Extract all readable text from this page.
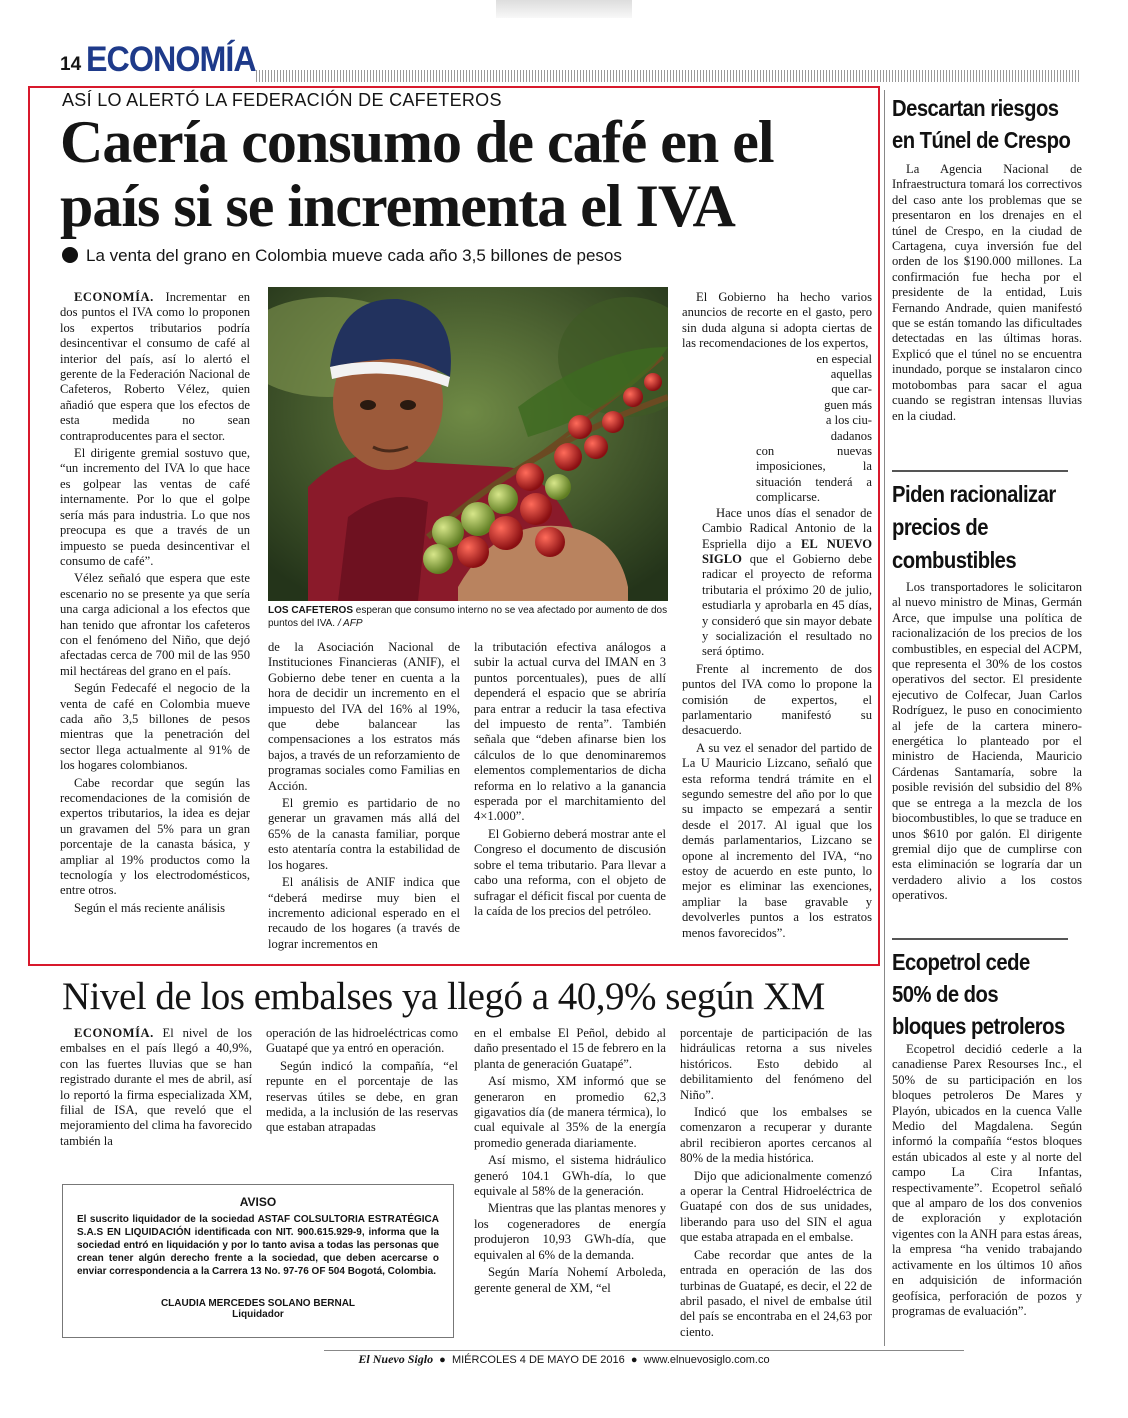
14 ECONOMÍA
ASÍ LO ALERTÓ LA FEDERACIÓN DE CAFETEROS
Caería consumo de café en el país si se incrementa el IVA
La venta del grano en Colombia mueve cada año 3,5 billones de pesos

ECONOMÍA. Incrementar en dos puntos el IVA como lo proponen los expertos tributarios podría desincentivar el consumo de café al interior del país, así lo alertó el gerente de la Federación Nacional de Cafeteros, Roberto Vélez, quien añadió que espera que los efectos de esta medida no sean contraproducentes para el sector.

El dirigente gremial sostuvo que, “un incremento del IVA lo que hace es golpear las ventas de café internamente. Por lo que el golpe sería más para industria. Lo que nos preocupa es que a través de un impuesto se pueda desincentivar el consumo de café”.

Vélez señaló que espera que este escenario no se presente ya que sería una carga adicional a los efectos que han tenido que afrontar los cafeteros con el fenómeno del Niño, que dejó afectadas cerca de 700 mil de las 950 mil hectáreas del grano en el país.

Según Fedecafé el negocio de la venta de café en Colombia mueve cada año 3,5 billones de pesos mientras que la penetración del sector llega actualmente al 91% de los hogares colombianos.

Cabe recordar que según las recomendaciones de la comisión de expertos tributarios, la idea es dejar un gravamen del 5% para un gran porcentaje de la canasta básica, y ampliar al 19% productos como la tecnología y los electrodomésticos, entre otros.

Según el más reciente análisis

LOS CAFETEROS esperan que consumo interno no se vea afectado por aumento de dos puntos del IVA. / AFP

de la Asociación Nacional de Instituciones Financieras (ANIF), el Gobierno debe tener en cuenta a la hora de decidir un incremento en el impuesto del IVA del 16% al 19%, que debe balancear las compensaciones a los estratos más bajos, a través de un reforzamiento de programas sociales como Familias en Acción.

El gremio es partidario de no generar un gravamen más allá del 65% de la canasta familiar, porque esto atentaría contra la estabilidad de los hogares.

El análisis de ANIF indica que “deberá medirse muy bien el incremento adicional esperado en el recaudo de los hogares (a través de lograr incrementos en

la tributación efectiva análogos a subir la actual curva del IMAN en 3 puntos porcentuales), pues de allí dependerá el espacio que se abriría para entrar a reducir la tasa efectiva del impuesto de renta”. También señala que “deben afinarse bien los cálculos de lo que denominaremos elementos complementarios de dicha reforma en lo relativo a la ganancia esperada por el marchitamiento del 4×1.000”.

El Gobierno deberá mostrar ante el Congreso el documento de discusión sobre el tema tributario. Para llevar a cabo una reforma, con el objeto de sufragar el déficit fiscal por cuenta de la caída de los precios del petróleo.

El Gobierno ha hecho varios anuncios de recorte en el gasto, pero sin duda alguna si adopta ciertas de las recomendaciones de los expertos,

en especial
aquellas
que car-
guen más
a los ciu-
dadanos
con nuevas imposiciones, la situación tenderá a complicarse.

Hace unos días el senador de Cambio Radical Antonio de la Espriella dijo a EL NUEVO SIGLO que el Gobierno debe radicar el proyecto de reforma tributaria el próximo 20 de julio, estudiarla y aprobarla en 45 días, y consideró que sin mayor debate y socialización el resultado no será óptimo.

Frente al incremento de dos puntos del IVA como lo propone la comisión de expertos, el parlamentario manifestó su desacuerdo.

A su vez el senador del partido de La U Mauricio Lizcano, señaló que esta reforma tendrá trámite en el segundo semestre del año por lo que su impacto se empezará a sentir desde el 2017. Al igual que los demás parlamentarios, Lizcano se opone al incremento del IVA, “no estoy de acuerdo en este punto, lo mejor es eliminar las exenciones, ampliar la base gravable y devolverles puntos a los estratos menos favorecidos”.

Nivel de los embalses ya llegó a 40,9% según XM

ECONOMÍA. El nivel de los embalses en el país llegó a 40,9%, con las fuertes lluvias que se han registrado durante el mes de abril, así lo reportó la firma especializada XM, filial de ISA, que reveló que el mejoramiento del clima ha favorecido también la

operación de las hidroeléctricas como Guatapé que ya entró en operación.

Según indicó la compañía, “el repunte en el porcentaje de las reservas útiles se debe, en gran medida, a la inclusión de las reservas que estaban atrapadas

en el embalse El Peñol, debido al daño presentado el 15 de febrero en la planta de generación Guatapé”.

Así mismo, XM informó que se generaron en promedio 62,3 gigavatios día (de manera térmica), lo cual equivale al 35% de la energía promedio generada diariamente.

Así mismo, el sistema hidráulico generó 104.1 GWh-día, lo que equivale al 58% de la generación.

Mientras que las plantas menores y los cogeneradores de energía produjeron 10,93 GWh-día, que equivalen al 6% de la demanda.

Según María Nohemí Arboleda, gerente general de XM, “el

porcentaje de participación de las hidráulicas retorna a sus niveles históricos. Esto debido al debilitamiento del fenómeno del Niño”.

Indicó que los embalses se comenzaron a recuperar y durante abril recibieron aportes cercanos al 80% de la media histórica.

Dijo que adicionalmente comenzó a operar la Central Hidroeléctrica de Guatapé con dos de sus unidades, liberando para uso del SIN el agua que estaba atrapada en el embalse.

Cabe recordar que antes de la entrada en operación de las dos turbinas de Guatapé, es decir, el 22 de abril pasado, el nivel de embalse útil del país se encontraba en el 24,63 por ciento.

AVISO
El suscrito liquidador de la sociedad ASTAF COLSULTORIA ESTRATÉGICA S.A.S EN LIQUIDACIÓN identificada con NIT. 900.615.929-9, informa que la sociedad entró en liquidación y por lo tanto avisa a todas las personas que crean tener algún derecho frente a la sociedad, que deben acercarse o enviar correspondencia a la Carrera 13 No. 97-76 OF 504 Bogotá, Colombia.
CLAUDIA MERCEDES SOLANO BERNAL
Liquidador
Descartan riesgos en Túnel de Crespo

La Agencia Nacional de Infraestructura tomará los correctivos del caso ante los problemas que se presentaron en los drenajes en el túnel de Crespo, en la ciudad de Cartagena, cuya inversión fue del orden de los $190.000 millones. La confirmación fue hecha por el presidente de la entidad, Luis Fernando Andrade, quien manifestó que se están tomando las dificultades detectadas en las últimas horas. Explicó que el túnel no se encuentra inundado, porque se instalaron cinco motobombas para sacar el agua cuando se registran intensas lluvias en la ciudad.

Piden racionalizar precios de combustibles

Los transportadores le solicitaron al nuevo ministro de Minas, Germán Arce, que impulse una política de racionalización de los precios de los combustibles, en especial del ACPM, que representa el 30% de los costos operativos del sector. El presidente ejecutivo de Colfecar, Juan Carlos Rodríguez, le puso en conocimiento al jefe de la cartera minero-energética lo planteado por el ministro de Hacienda, Mauricio Cárdenas Santamaría, sobre la posible revisión del subsidio del 8% que se entrega a la mezcla de los biocombustibles, lo que se traduce en unos $610 por galón. El dirigente gremial dijo que de cumplirse con esta eliminación se lograría dar un verdadero alivio a los costos operativos.

Ecopetrol cede 50% de dos bloques petroleros

Ecopetrol decidió cederle a la canadiense Parex Resourses Inc., el 50% de su participación en los bloques petroleros De Mares y Playón, ubicados en la cuenca Valle Medio del Magdalena. Según informó la compañía “estos bloques están ubicados al este y al norte del campo La Cira Infantas, respectivamente”. Ecopetrol señaló que al amparo de los dos convenios de exploración y explotación vigentes con la ANH para estas áreas, la empresa “ha venido trabajando activamente en los últimos 10 años en adquisición de información geofísica, perforación de pozos y programas de evaluación”.

El Nuevo Siglo  ●  MIÉRCOLES 4 DE MAYO DE 2016  ●  www.elnuevosiglo.com.co
